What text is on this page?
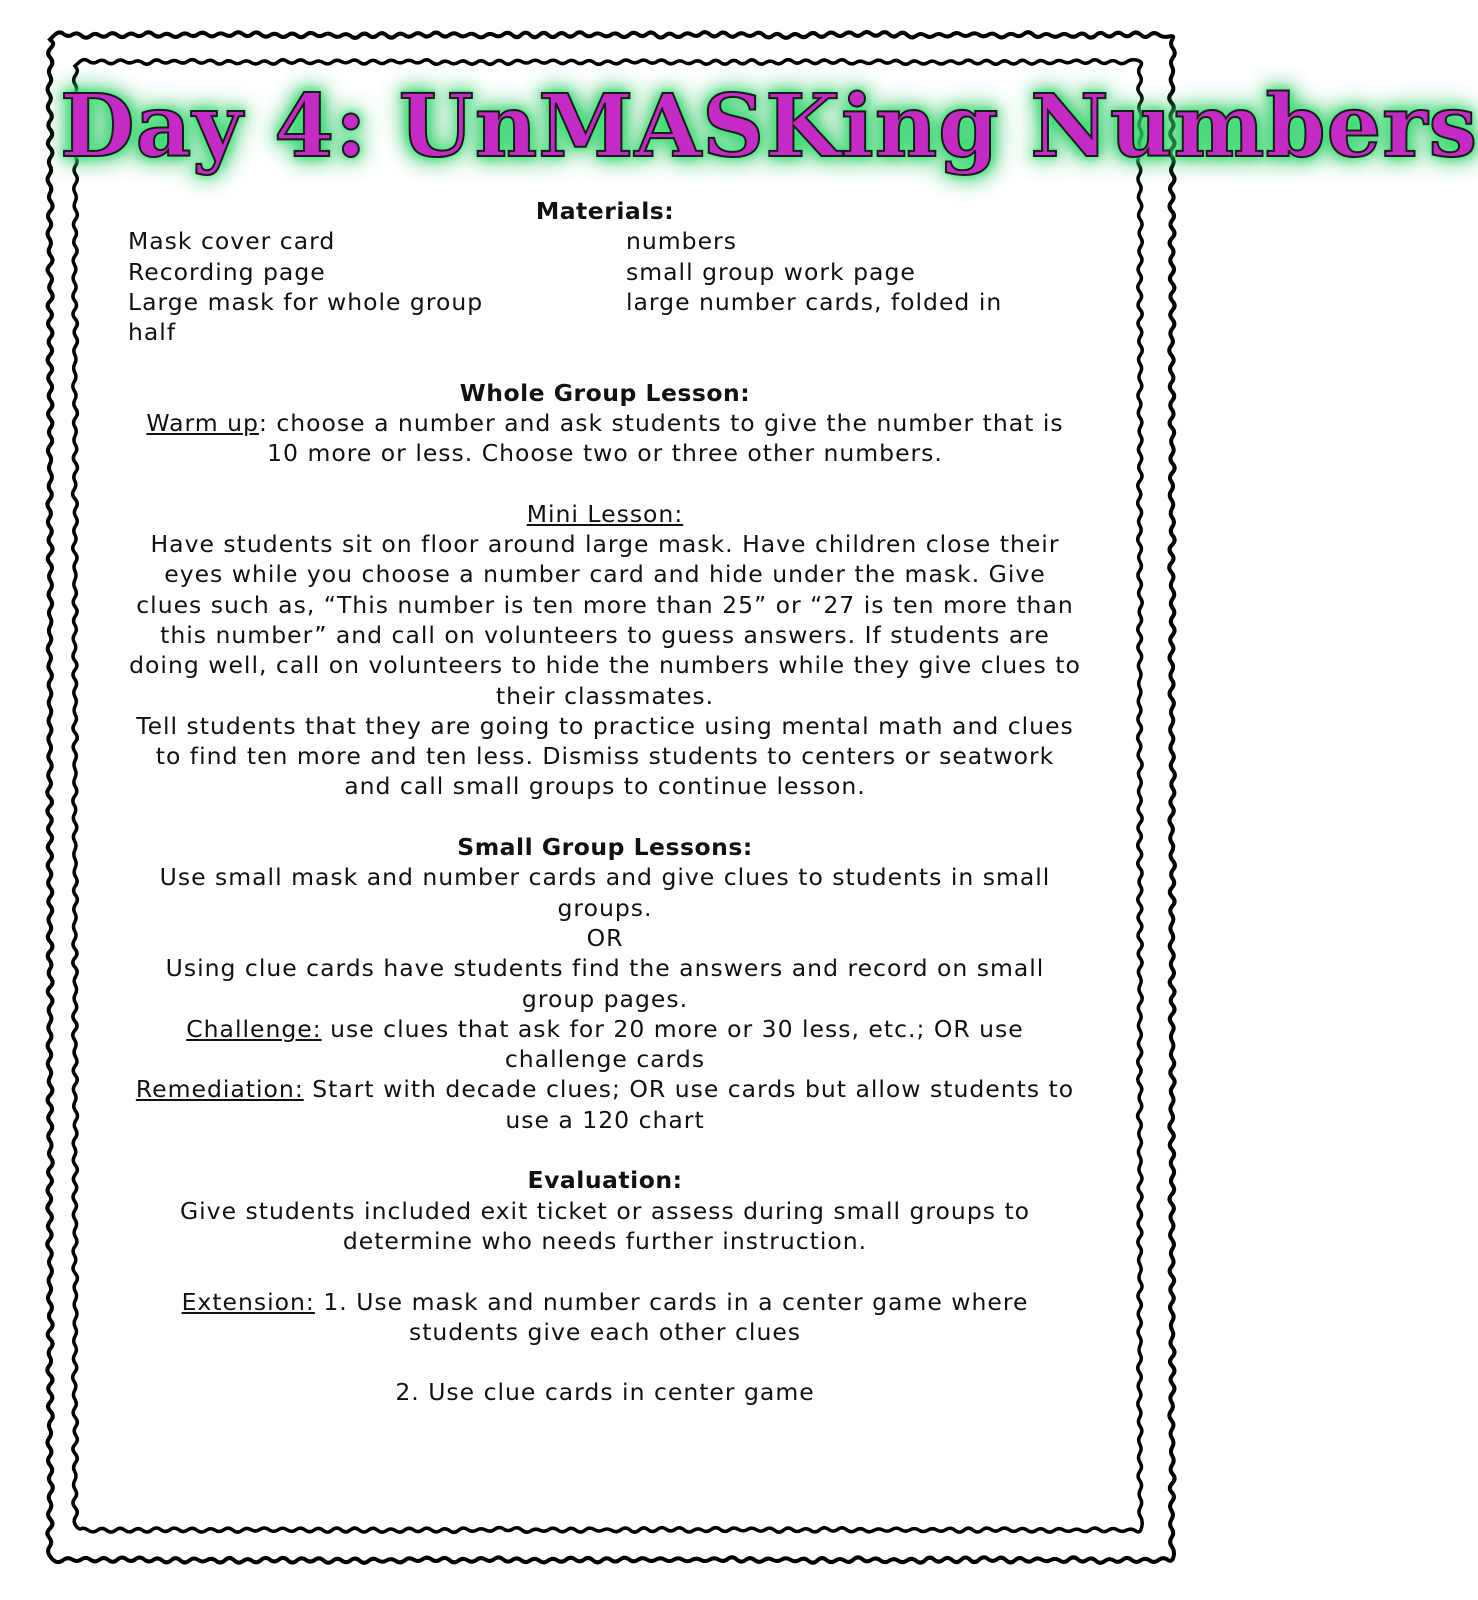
Day 4: UnMASKing Numbers
Materials:
Mask cover card
Recording page
Large mask for whole group
half
numbers
small group work page
large number cards, folded in
Whole Group Lesson:

Warm up: choose a number and ask students to give the number that is 10 more or less. Choose two or three other numbers.

Mini Lesson:

Have students sit on floor around large mask. Have children close their eyes while you choose a number card and hide under the mask. Give clues such as, “This number is ten more than 25” or “27 is ten more than this number” and call on volunteers to guess answers. If students are doing well, call on volunteers to hide the numbers while they give clues to their classmates.

Tell students that they are going to practice using mental math and clues to find ten more and ten less. Dismiss students to centers or seatwork and call small groups to continue lesson.

Small Group Lessons:

Use small mask and number cards and give clues to students in small groups.

OR

Using clue cards have students find the answers and record on small group pages.

Challenge: use clues that ask for 20 more or 30 less, etc.; OR use challenge cards

Remediation: Start with decade clues; OR use cards but allow students to use a 120 chart

Evaluation:

Give students included exit ticket or assess during small groups to determine who needs further instruction.

Extension: 1. Use mask and number cards in a center game where students give each other clues

2. Use clue cards in center game
